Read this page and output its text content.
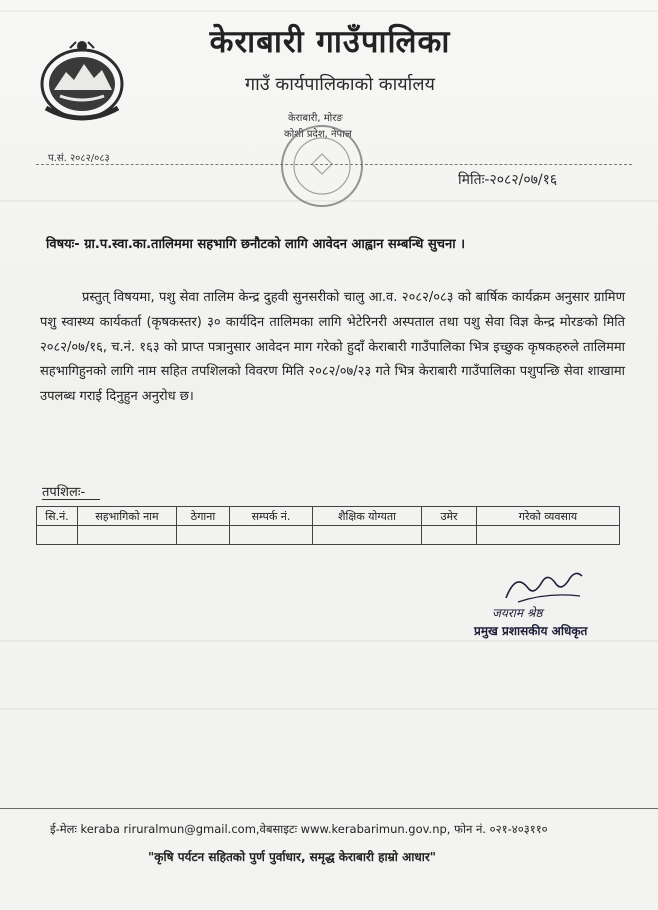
केराबारी गाउँपालिका
गाउँ कार्यपालिकाको कार्यालय
केराबारी, मोरङ
कोशी प्रदेश, नेपाल
प.सं. २०८२/०८३
मितिः-२०८२/०७/१६
विषयः- ग्रा.प.स्वा.का.तालिममा सहभागि छनौटको लागि आवेदन आह्वान सम्बन्धि सुचना ।
प्रस्तुत् विषयमा, पशु सेवा तालिम केन्द्र दुहवी सुनसरीको चालु आ.व. २०८२/०८३ को बार्षिक कार्यक्रम अनुसार ग्रामिण पशु स्वास्थ्य कार्यकर्ता (कृषकस्तर) ३० कार्यदिन तालिमका लागि भेटेरिनरी अस्पताल तथा पशु सेवा विज्ञ केन्द्र मोरङको मिति २०८२/०७/१६, च.नं. १६३ को प्राप्त पत्रानुसार आवेदन माग गरेको हुदाँ केराबारी गाउँपालिका भित्र इच्छुक कृषकहरुले तालिममा सहभागिहुनको लागि नाम सहित तपशिलको विवरण मिति २०८२/०७/२३ गते भित्र केराबारी गाउँपालिका पशुपन्छि सेवा शाखामा उपलब्ध गराई दिनुहुन अनुरोध छ।
तपशिलः-
सि.नं.	सहभागिको नाम	ठेगाना	सम्पर्क नं.	शैक्षिक योग्यता	उमेर	गरेको व्यवसाय

जयराम श्रेष्ठ
प्रमुख प्रशासकीय अधिकृत
ई-मेलः keraba riruralmun@gmail.com,वेबसाइटः www.kerabarimun.gov.np, फोन नं. ०२१-४०३११०
"कृषि पर्यटन सहितको पुर्ण पुर्वाधार, समृद्ध केराबारी हाम्रो आधार"
